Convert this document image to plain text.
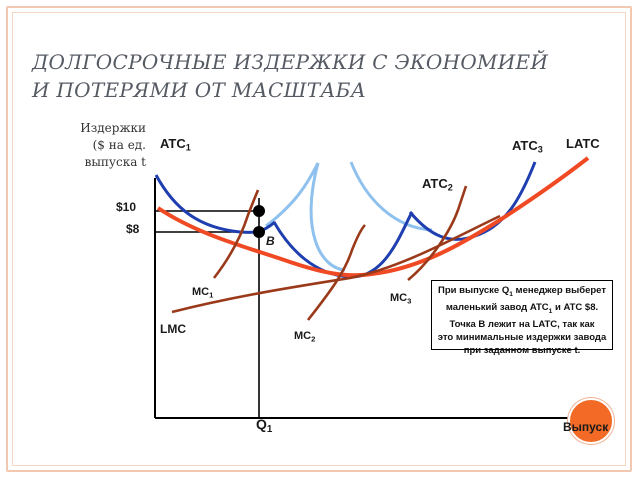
ДОЛГОСРОЧНЫЕ ИЗДЕРЖКИ С ЭКОНОМИЕЙ
И ПОТЕРЯМИ ОТ МАСШТАБА
Издержки
($ на ед.
выпуска t
$ATC_1$
$ATC_2$
$ATC_3$ LATC
LMC
$MC_1$
$MC_2$
$MC_3$
B
$10
$8
$Q_1$	Выпуск
При выпуске $Q_1$ менеджер выберет
маленький завод $ATC_1$ и ATC $8.
Точка B лежит на LATC, так как
это минимальные издержки завода
при заданном выпуске t.
